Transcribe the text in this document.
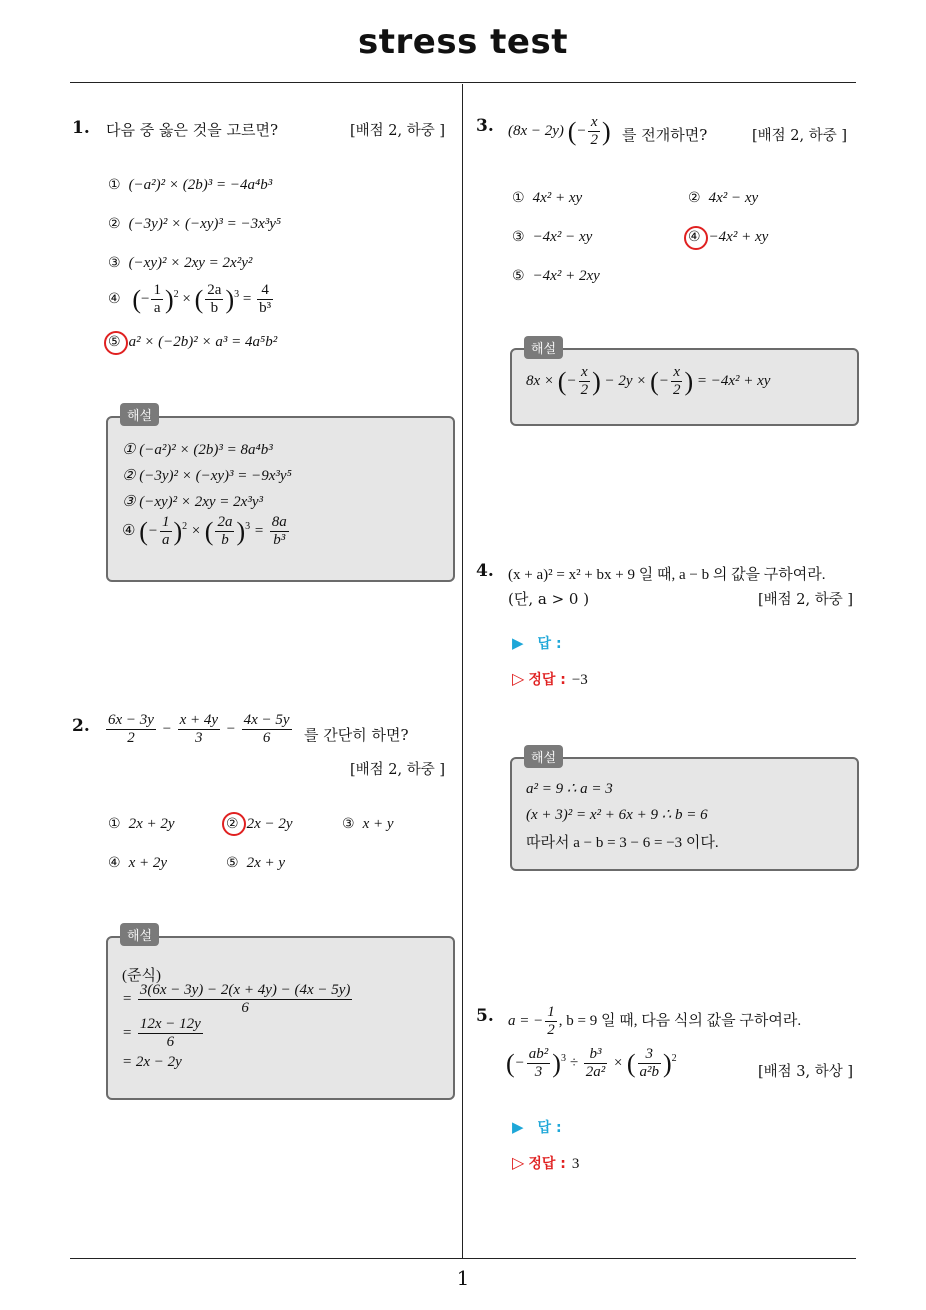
stress test
1
1. 다음 중 옳은 것을 고르면?	[배점 2, 하중 ]
① (−a²)² × (2b)³ = −4a⁴b³
② (−3y)² × (−xy)³ = −3x³y⁵
③ (−xy)² × 2xy = 2x²y²
④ (− $\frac{1}{a} )^2$ × ( $\frac{2a}{b} )^3 = \frac{4}{\text{b³}}$
⑤ a² × (−2b)² × a³ = 4a⁵b²
① (−a²)² × (2b)³ = 8a⁴b³
② (−3y)² × (−xy)³ = −9x³y⁵
③ (−xy)² × 2xy = 2x³y³
④ (− $\frac{1}{a} )^2$ × ( $\frac{2a}{b} )^3 = \frac{8a}{\text{b³}}$
해설
2. $\frac{6x - 3y}{2} - \frac{x + 4y}{3} - \frac{4x - 5y}{6}$ 를 간단히 하면?
[배점 2, 하중 ]
① 2x + 2y	② 2x − 2y	③ x + y
④ x + 2y	⑤ 2x + y
(준식)
= $\frac{3(6x - 3y) - 2(x + 4y) - (4x - 5y)}{6}$
= $\frac{12x - 12y}{6}$
= 2x − 2y
해설
3. (8x − 2y) (− $\frac{x}{2}$ ) 를 전개하면?	[배점 2, 하중 ]
① 4x² + xy	② 4x² − xy
③ −4x² − xy	④ −4x² + xy
⑤ −4x² + 2xy
8x × (− $\frac{x}{2}$ ) − 2y × (− $\frac{x}{2}$ ) = −4x² + xy
해설
4. (x + a)² = x² + bx + 9 일 때, a − b 의 값을 구하여라.
(단, a > 0 )	[배점 2, 하중 ]
▶ 답 :
▷ 정답 : −3
a² = 9 ∴ a = 3
(x + 3)² = x² + 6x + 9 ∴ b = 6
따라서 a − b = 3 − 6 = −3 이다.
해설
5. a = − $\frac{1}{2}$ , b = 9 일 때, 다음 식의 값을 구하여라.
(− $\frac{\text{ab²}}{3} )^3 \div \frac{\text{b³}}{\text{2a²}}$ × ( $\frac{3}{\text{a²b}} )^2$
[배점 3, 하상 ]
▶ 답 :
▷ 정답 : 3
